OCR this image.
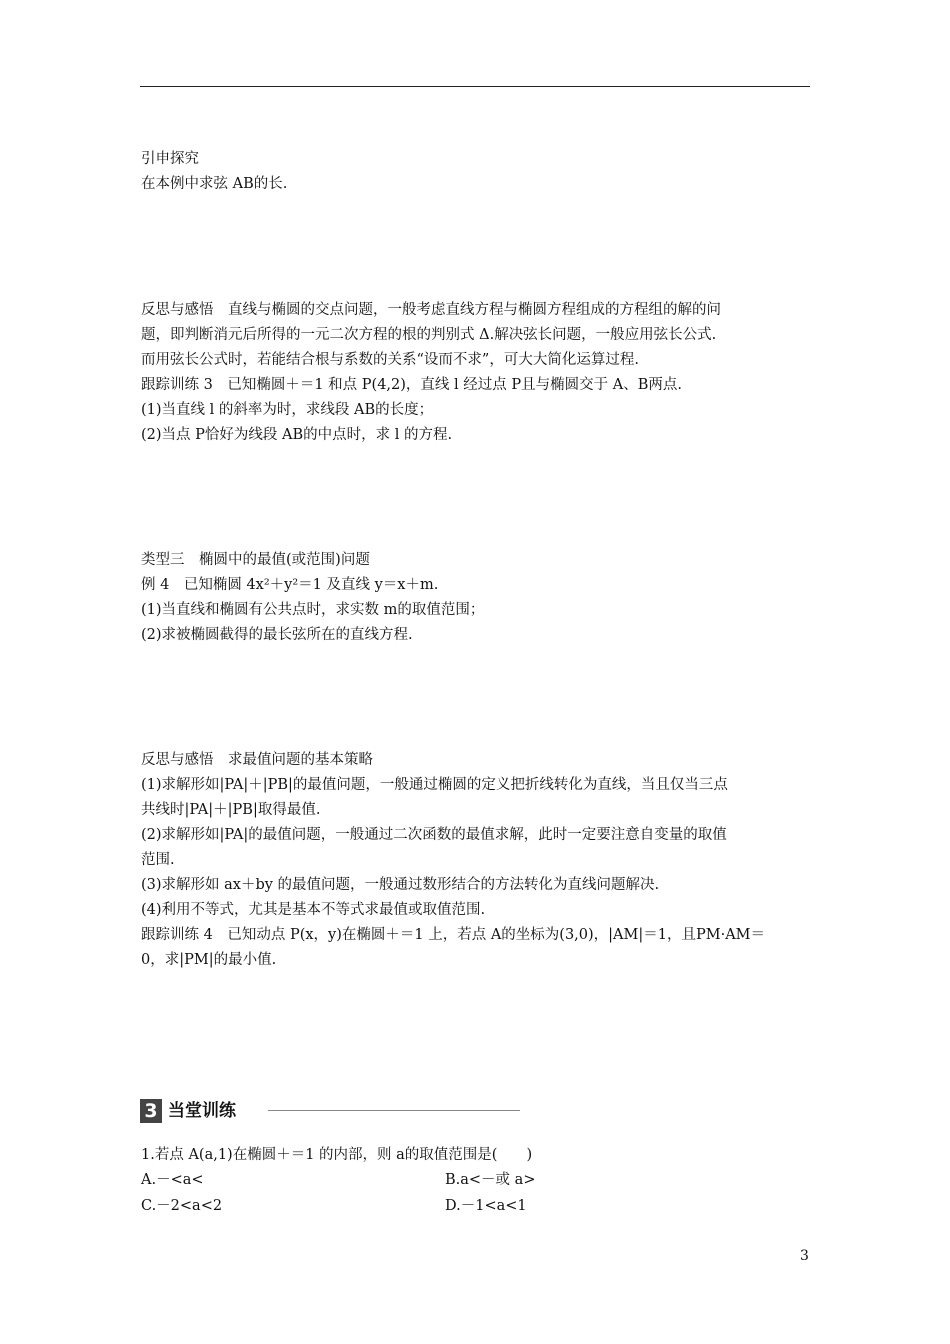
引申探究
在本例中求弦 AB的长.
反思与感悟　直线与椭圆的交点问题，一般考虑直线方程与椭圆方程组成的方程组的解的问
题，即判断消元后所得的一元二次方程的根的判别式 Δ.解决弦长问题，一般应用弦长公式.
而用弦长公式时，若能结合根与系数的关系“设而不求”，可大大简化运算过程.
跟踪训练 3　已知椭圆＋＝1 和点 P(4,2)，直线 l 经过点 P且与椭圆交于 A、B两点.
(1)当直线 l 的斜率为时，求线段 AB的长度；
(2)当点 P恰好为线段 AB的中点时，求 l 的方程.
类型三　椭圆中的最值(或范围)问题
例 4　已知椭圆 4x²＋y²＝1 及直线 y＝x＋m.
(1)当直线和椭圆有公共点时，求实数 m的取值范围；
(2)求被椭圆截得的最长弦所在的直线方程.
反思与感悟　求最值问题的基本策略
(1)求解形如|PA|＋|PB|的最值问题，一般通过椭圆的定义把折线转化为直线，当且仅当三点
共线时|PA|＋|PB|取得最值.
(2)求解形如|PA|的最值问题，一般通过二次函数的最值求解，此时一定要注意自变量的取值
范围.
(3)求解形如 ax＋by 的最值问题，一般通过数形结合的方法转化为直线问题解决.
(4)利用不等式，尤其是基本不等式求最值或取值范围.
跟踪训练 4　已知动点 P(x，y)在椭圆＋＝1 上，若点 A的坐标为(3,0)，|AM|＝1，且PM·AM＝
0，求|PM|的最小值.
3 当堂训练
1.若点 A(a,1)在椭圆＋＝1 的内部，则 a的取值范围是(　　)
A.－<a<	B.a<－或 a>
C.－2<a<2	D.－1<a<1
3
